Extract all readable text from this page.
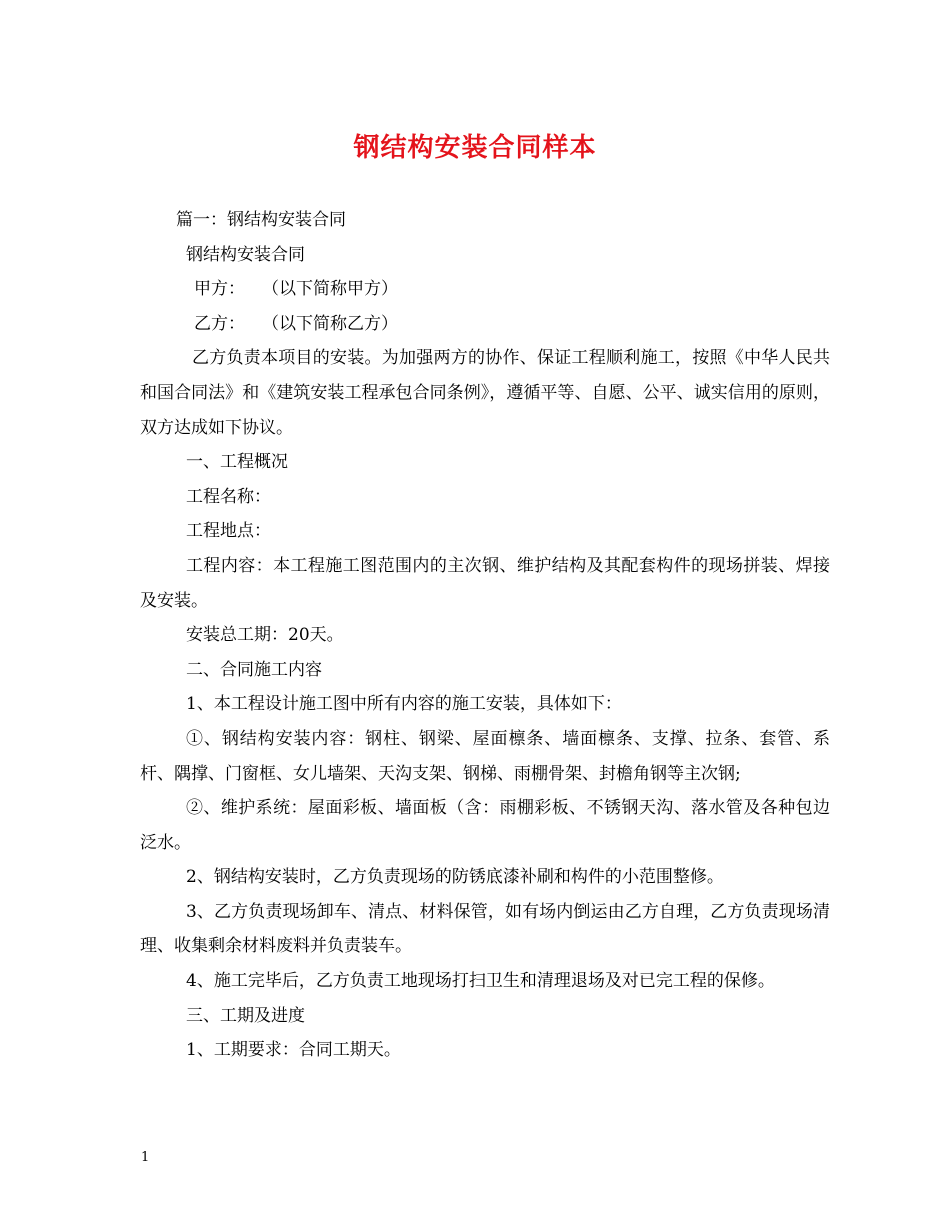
钢结构安装合同样本

篇一：钢结构安装合同

钢结构安装合同

甲方：　　（以下简称甲方）

乙方：　　（以下简称乙方）

乙方负责本项目的安装。为加强两方的协作、保证工程顺利施工，按照《中华人民共和国合同法》和《建筑安装工程承包合同条例》，遵循平等、自愿、公平、诚实信用的原则，双方达成如下协议。

一、工程概况

工程名称：

工程地点：

工程内容：本工程施工图范围内的主次钢、维护结构及其配套构件的现场拼装、焊接及安装。

安装总工期：20天。

二、合同施工内容

1、本工程设计施工图中所有内容的施工安装，具体如下：

①、钢结构安装内容：钢柱、钢梁、屋面檩条、墙面檩条、支撑、拉条、套管、系杆、隅撑、门窗框、女儿墙架、天沟支架、钢梯、雨棚骨架、封檐角钢等主次钢;

②、维护系统：屋面彩板、墙面板（含：雨棚彩板、不锈钢天沟、落水管及各种包边泛水。

2、钢结构安装时，乙方负责现场的防锈底漆补刷和构件的小范围整修。

3、乙方负责现场卸车、清点、材料保管，如有场内倒运由乙方自理，乙方负责现场清理、收集剩余材料废料并负责装车。

4、施工完毕后，乙方负责工地现场打扫卫生和清理退场及对已完工程的保修。

三、工期及进度

1、工期要求：合同工期天。

1
